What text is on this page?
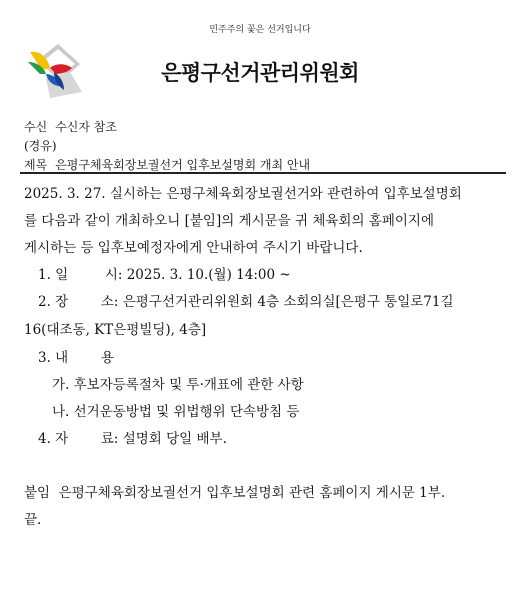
민주주의 꽃은 선거입니다
은평구선거관리위원회
수신 수신자 참조
(경유)
제목 은평구체육회장보궐선거 입후보설명회 개최 안내
2025. 3. 27. 실시하는 은평구체육회장보궐선거와 관련하여 입후보설명회
를 다음과 같이 개최하오니 [붙임]의 게시문을 귀 체육회의 홈페이지에
게시하는 등 입후보예정자에게 안내하여 주시기 바랍니다.
1. 일	시: 2025. 3. 10.(월) 14:00 ~
2. 장 소: 은평구선거관리위원회 4층 소회의실[은평구 통일로71길
16(대조동, KT은평빌딩), 4층]
3. 내 용
가. 후보자등록절차 및 투·개표에 관한 사항
나. 선거운동방법 및 위법행위 단속방침 등
4. 자 료: 설명회 당일 배부.
붙임  은평구체육회장보궐선거 입후보설명회 관련 홈페이지 게시문 1부.
끝.
